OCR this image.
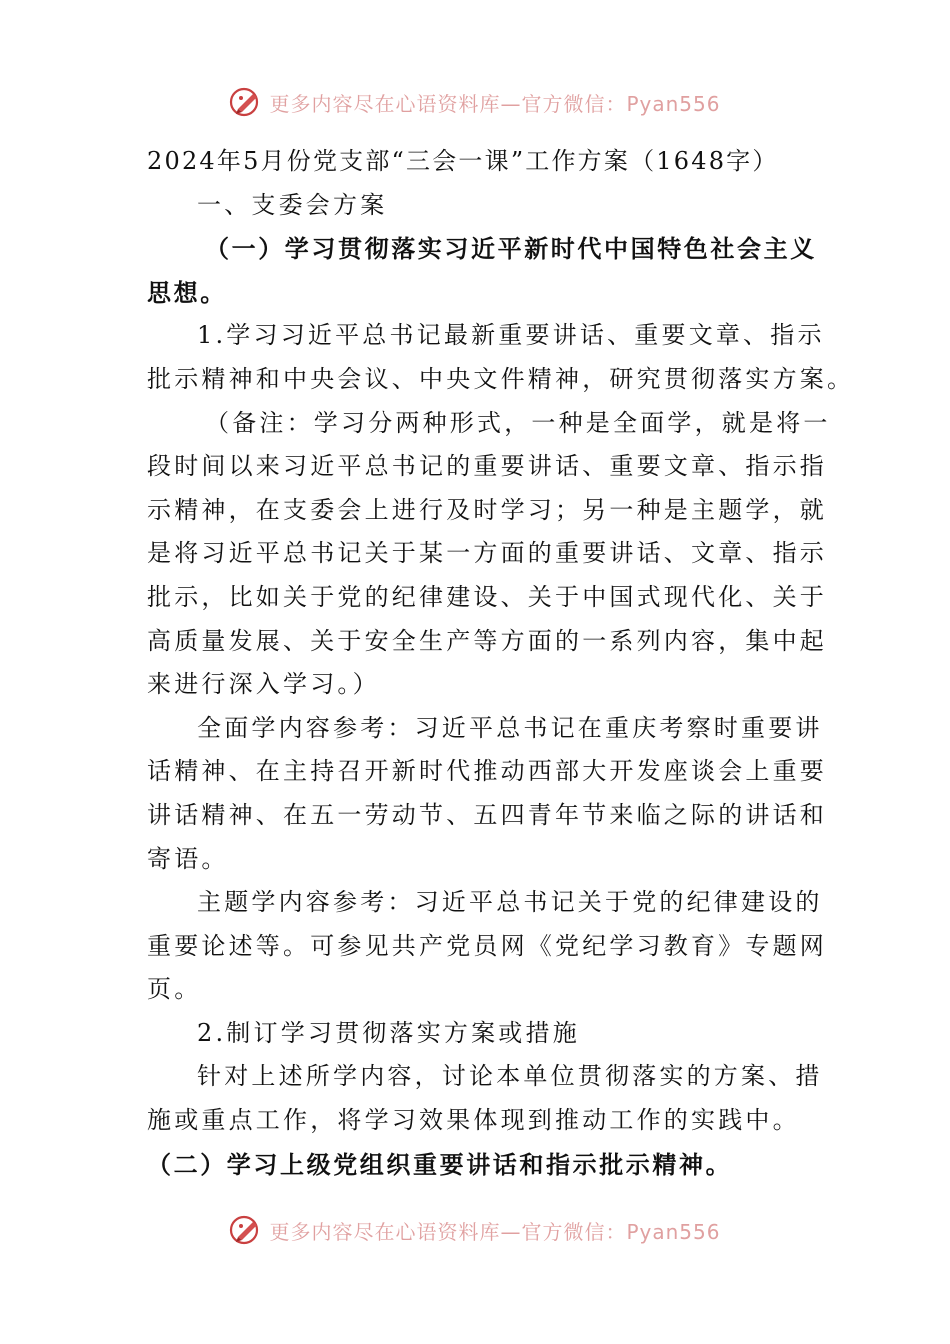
更多内容尽在心语资料库—官方微信：Pyan556
2024年5月份党支部“三会一课”工作方案（1648字）
一、支委会方案
（一）学习贯彻落实习近平新时代中国特色社会主义
思想。
1.学习习近平总书记最新重要讲话、重要文章、指示
批示精神和中央会议、中央文件精神，研究贯彻落实方案。
（备注：学习分两种形式，一种是全面学，就是将一
段时间以来习近平总书记的重要讲话、重要文章、指示指
示精神，在支委会上进行及时学习；另一种是主题学，就
是将习近平总书记关于某一方面的重要讲话、文章、指示
批示，比如关于党的纪律建设、关于中国式现代化、关于
高质量发展、关于安全生产等方面的一系列内容，集中起
来进行深入学习。）
全面学内容参考：习近平总书记在重庆考察时重要讲
话精神、在主持召开新时代推动西部大开发座谈会上重要
讲话精神、在五一劳动节、五四青年节来临之际的讲话和
寄语。
主题学内容参考：习近平总书记关于党的纪律建设的
重要论述等。可参见共产党员网《党纪学习教育》专题网
页。
2.制订学习贯彻落实方案或措施
针对上述所学内容，讨论本单位贯彻落实的方案、措
施或重点工作，将学习效果体现到推动工作的实践中。
（二）学习上级党组织重要讲话和指示批示精神。
更多内容尽在心语资料库—官方微信：Pyan556
